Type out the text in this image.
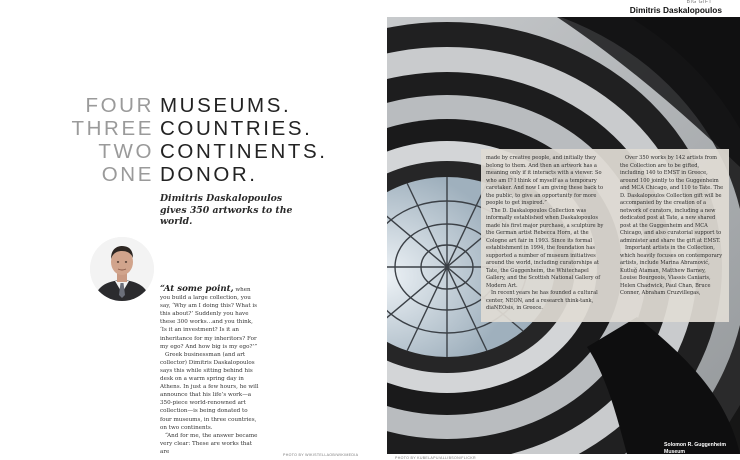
FOUR
THREE
TWO
ONE
MUSEUMS.
COUNTRIES.
CONTINENTS.
DONOR.
Dimitris Daskalopoulos
gives 350 artworks to the world.

“At some point, when you build a large collection, you say, ‘Why am I doing this? What is this about?’ Suddenly you have these 300 works…and you think, ‘Is it an investment? Is it an inheritance for my inheritors? For my ego? And how big is my ego?’”

Greek businessman (and art collector) Dimitris Daskalopoulos says this while sitting behind his desk on a warm spring day in Athens. In just a few hours, he will announce that his life’s work—a 350-piece world-renowned art collection—is being donated to four museums, in three countries, on two continents.

“And for me, the answer became very clear: These are works that are

PHOTO BY WIKISTELLAOB/WIKIMEDIA
BIG GIFT
Dimitris Daskalopoulos

made by creative people, and initially they belong to them. And then an artwork has a meaning only if it interacts with a viewer. So who am I? I think of myself as a temporary caretaker. And now I am giving these back to the public, to give an opportunity for more people to get inspired.”

The D. Daskalopoulos Collection was informally established when Daskalopoulos made his first major purchase, a sculpture by the German artist Rebecca Horn, at the Cologne art fair in 1993. Since its formal establishment in 1994, the foundation has supported a number of museum initiatives around the world, including curatorships at Tate, the Guggenheim, the Whitechapel Gallery, and the Scottish National Gallery of Modern Art.

In recent years he has founded a cultural center, NEON, and a research think-tank, diaNEOsis, in Greece.

Over 350 works by 142 artists from the Collection are to be gifted, including 140 to EMST in Greece, around 100 jointly to the Guggenheim and MCA Chicago, and 110 to Tate. The D. Daskalopoulos Collection gift will be accompanied by the creation of a network of curators, including a new dedicated post at Tate, a new shared post at the Guggenheim and MCA Chicago, and also curatorial support to administer and share the gift at EMST.

Important artists in the Collection, which heavily focuses on contemporary artists, include Marina Abramović, Kutluğ Ataman, Matthew Barney, Louise Bourgeois, Vlassis Caniaris, Helen Chadwick, Paul Chan, Bruce Conner, Abraham Cruzvillegas,

Solomon R. Guggenheim
Museum
PHOTO BY KUBELAPU/ALLIBSON/FLICKR
